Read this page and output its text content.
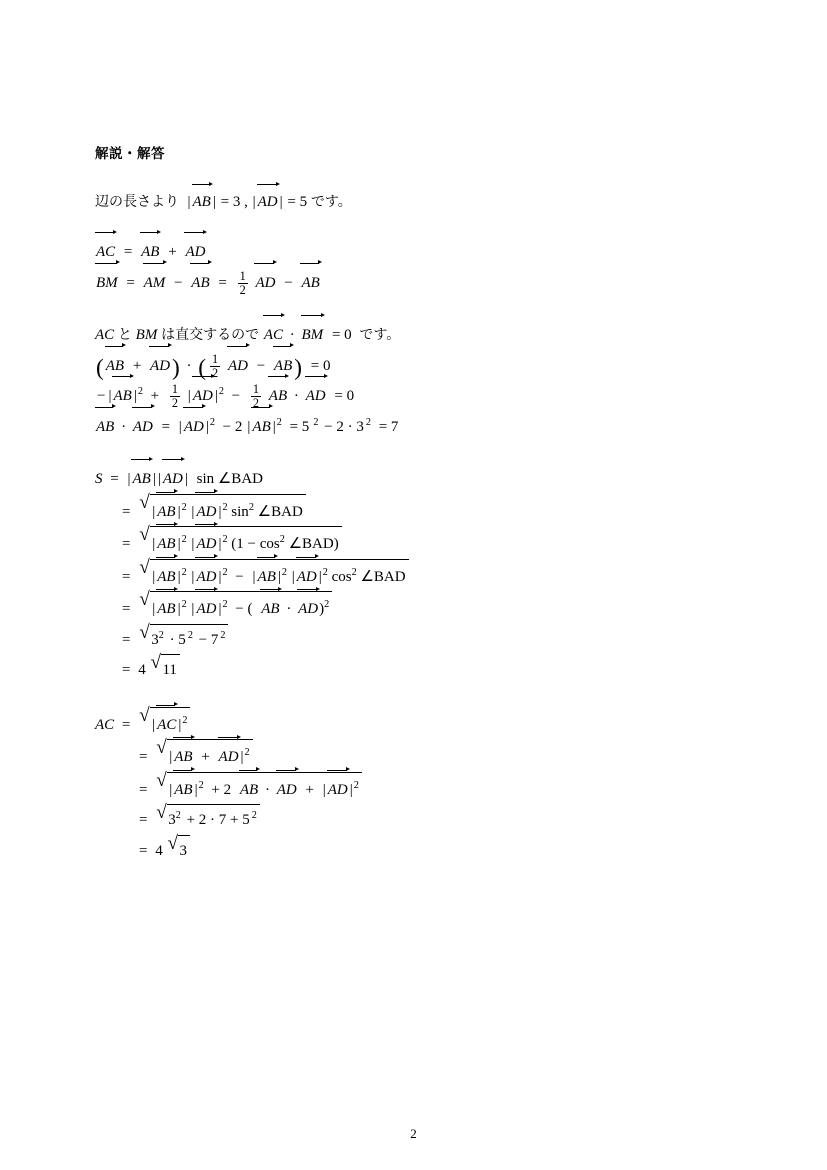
解説・解答
辺の長さより  | AB | = 3 , | AD | = 5 です。
AC = AB + AD
BM = AM − AB = $\frac{1}{2}$
AD − AB
AC と BM は直交するので AC · BM = 0 です。
( AB + AD) · ( $\frac{1}{2}$
AD − AB) = 0
− | AB $|^2 + \frac{1}{2}$ | AD $|^2 - \frac{1}{2}$
AB · AD = 0
AB · AD = | AD $|^2 - 2$ | AB $|^2 = 5$ $^2$ − 2 · 3 $^2$ = 7
S = | AB | | AD | sin ∠BAD
= √ | AB $|^2$ | AD $|^2$ $\sin^2$ ∠BAD
= √ | AB $|^2$ | AD $|^2$ ($1 - \cos^2$ ∠BAD)
= √ | AB $|^2$ | AD $|^2$ − | AB $|^2$ | AD $|^2$ $\cos^2$ ∠BAD
= √ | AB $|^2$ | AD $|^2$ − ( AB · AD)$^2$
= √ $3^2 \cdot 5$ $^2$ − 7 $^2$
= 4 √ 11
AC = √ | AC $|^2$
= √ | AB + AD $|^2$
= √ | AB $|^2 + 2$ AB · AD + | AD $|^2$
= √ $3^2 + 2 \cdot 7 + 5$ $^2$
= 4 √ 3
2
